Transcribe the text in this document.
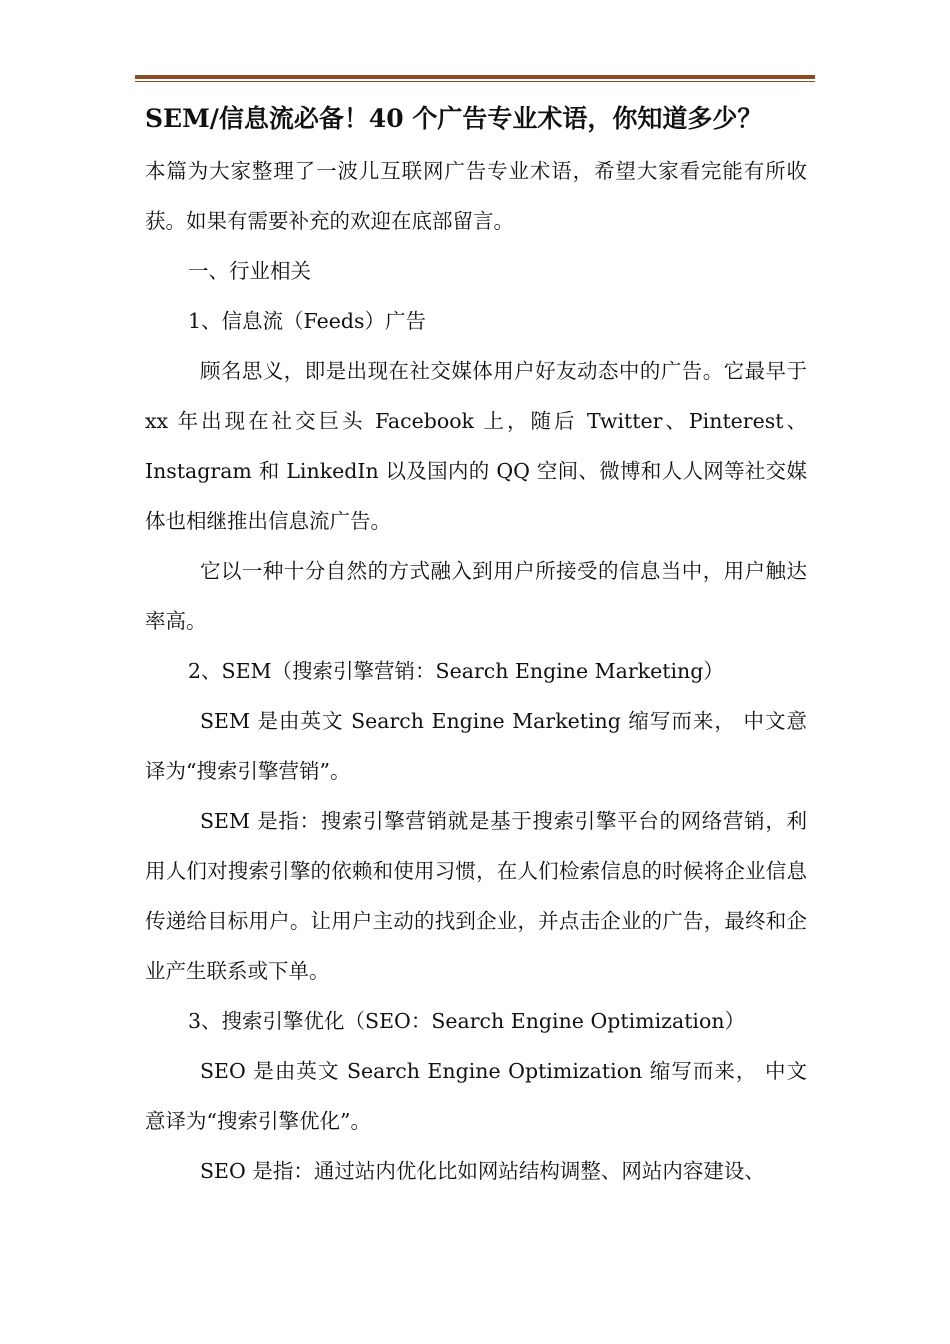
SEM/信息流必备！40 个广告专业术语，你知道多少？

本篇为大家整理了一波儿互联网广告专业术语，希望大家看完能有所收获。如果有需要补充的欢迎在底部留言。

一、行业相关

1、信息流（Feeds）广告

顾名思义，即是出现在社交媒体用户好友动态中的广告。它最早于 xx 年出现在社交巨头 Facebook 上，随后 Twitter、Pinterest、Instagram 和 LinkedIn 以及国内的 QQ 空间、微博和人人网等社交媒体也相继推出信息流广告。

它以一种十分自然的方式融入到用户所接受的信息当中，用户触达率高。

2、SEM（搜索引擎营销：Search Engine Marketing）

SEM 是由英文 Search Engine Marketing 缩写而来， 中文意译为“搜索引擎营销”。

SEM 是指：搜索引擎营销就是基于搜索引擎平台的网络营销，利用人们对搜索引擎的依赖和使用习惯，在人们检索信息的时候将企业信息传递给目标用户。让用户主动的找到企业，并点击企业的广告，最终和企业产生联系或下单。

3、搜索引擎优化（SEO：Search Engine Optimization）

SEO 是由英文 Search Engine Optimization 缩写而来， 中文意译为“搜索引擎优化”。

SEO 是指：通过站内优化比如网站结构调整、网站内容建设、
